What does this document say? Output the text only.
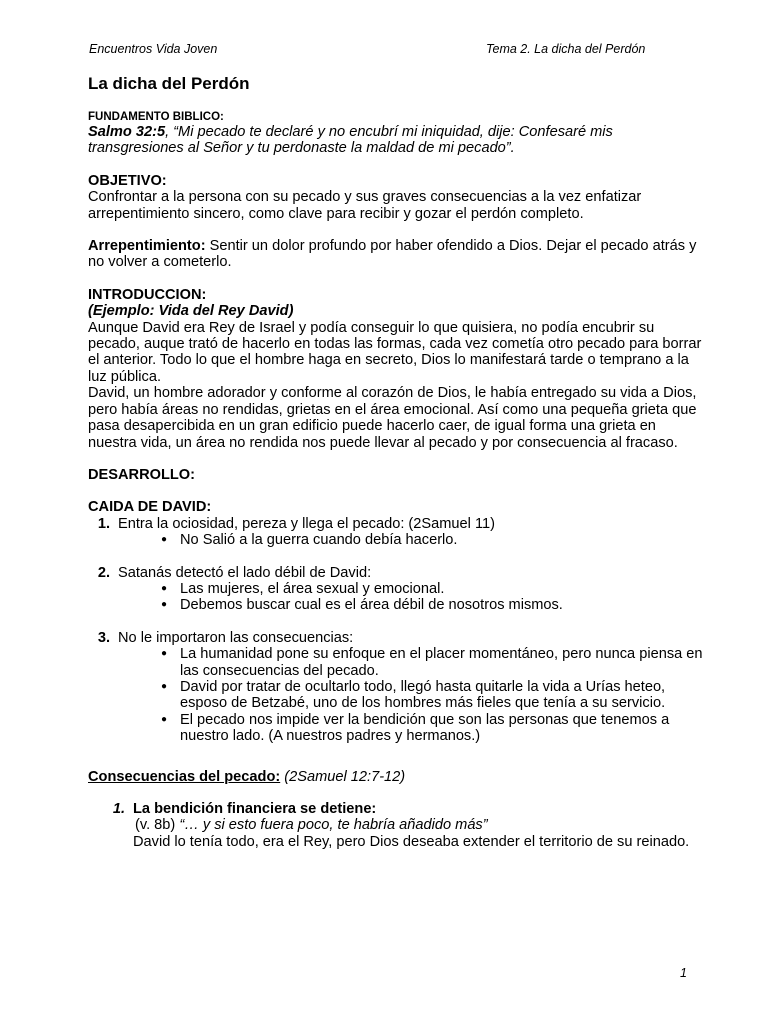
Encuentros Vida Joven	Tema 2. La dicha del Perdón
La dicha del Perdón

FUNDAMENTO BIBLICO:

Salmo 32:5, “Mi pecado te declaré y no encubrí mi iniquidad, dije: Confesaré mis transgresiones al Señor y tu perdonaste la maldad de mi pecado”.

OBJETIVO:

Confrontar a la persona con su pecado y sus graves consecuencias a la vez enfatizar arrepentimiento sincero, como clave para recibir y gozar el perdón completo.

Arrepentimiento: Sentir un dolor profundo por haber ofendido a Dios. Dejar el pecado atrás y no volver a cometerlo.

INTRODUCCION:

(Ejemplo: Vida del Rey David)

Aunque David era Rey de Israel y podía conseguir lo que quisiera, no podía encubrir su pecado, auque trató de hacerlo en todas las formas, cada vez cometía otro pecado para borrar el anterior. Todo lo que el hombre haga en secreto, Dios lo manifestará tarde o temprano a la luz pública.

David, un hombre adorador y conforme al corazón de Dios, le había entregado su vida a Dios, pero había áreas no rendidas, grietas en el área emocional. Así como una pequeña grieta que pasa desapercibida en un gran edificio puede hacerlo caer, de igual forma una grieta en nuestra vida, un área no rendida nos puede llevar al pecado y por consecuencia al fracaso.

DESARROLLO:

CAIDA DE DAVID:

1. Entra la ociosidad, pereza y llega el pecado: (2Samuel 11)
● No Salió a la guerra cuando debía hacerlo.
2. Satanás detectó el lado débil de David:
● Las mujeres, el área sexual y emocional.
● Debemos buscar cual es el área débil de nosotros mismos.
3. No le importaron las consecuencias:
● La humanidad pone su enfoque en el placer momentáneo, pero nunca piensa en las consecuencias del pecado.
● David por tratar de ocultarlo todo, llegó hasta quitarle la vida a Urías heteo, esposo de Betzabé, uno de los hombres más fieles que tenía a su servicio.
● El pecado nos impide ver la bendición que son las personas que tenemos a nuestro lado. (A nuestros padres y hermanos.)

Consecuencias del pecado: (2Samuel 12:7-12)

1. La bendición financiera se detiene:
(v. 8b) “… y si esto fuera poco, te habría añadido más”
David lo tenía todo, era el Rey, pero Dios deseaba extender el territorio de su reinado.
1
